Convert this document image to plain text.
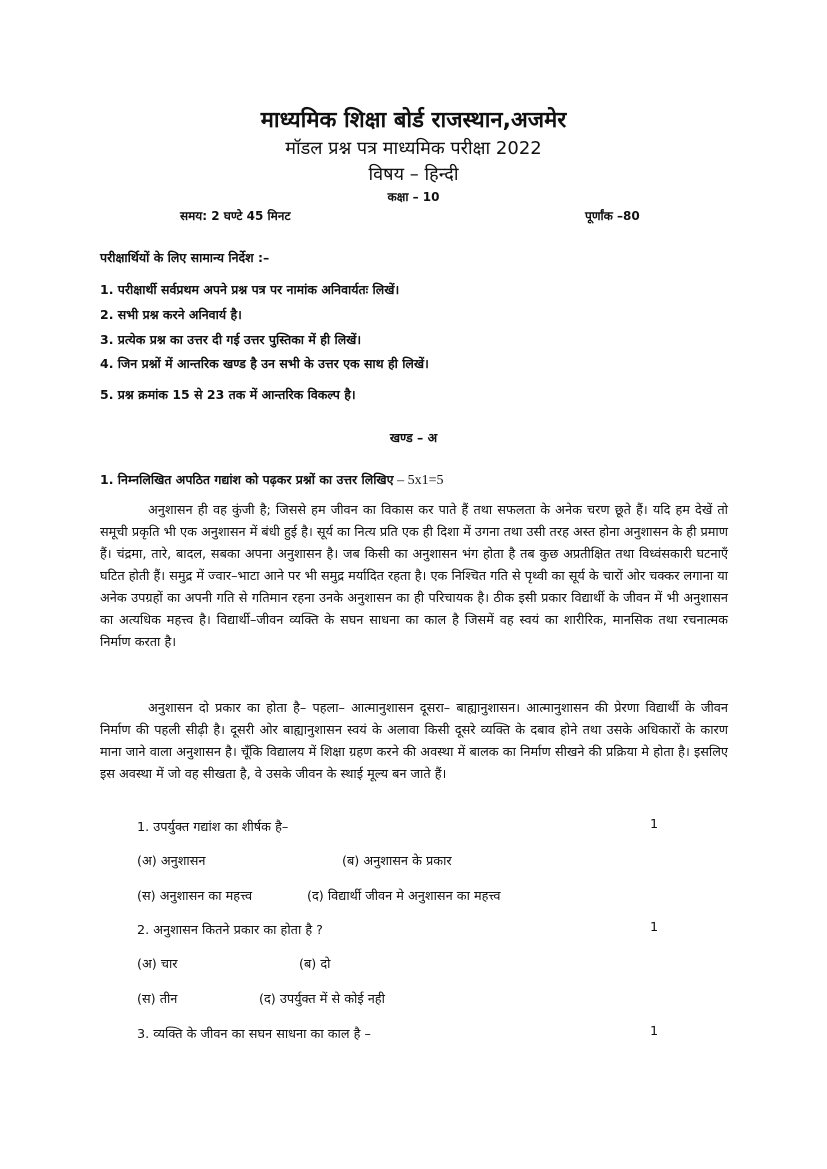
माध्यमिक शिक्षा बोर्ड राजस्थान,अजमेर
मॉडल प्रश्न पत्र माध्यमिक परीक्षा 2022
विषय – हिन्दी
कक्षा – 10
समय: 2 घण्टे 45 मिनट	पूर्णांक –80
परीक्षार्थियों के लिए सामान्य निर्देश :–
1. परीक्षार्थी सर्वप्रथम अपने प्रश्न पत्र पर नामांक अनिवार्यतः लिखें।
2. सभी प्रश्न करने अनिवार्य है।
3. प्रत्येक प्रश्न का उत्तर दी गई उत्तर पुस्तिका में ही लिखें।
4. जिन प्रश्नों में आन्तरिक खण्ड है उन सभी के उत्तर एक साथ ही लिखें।
5. प्रश्न क्रमांक 15 से 23 तक में आन्तरिक विकल्प है।
खण्ड – अ
1. निम्नलिखित अपठित गद्यांश को पढ़कर प्रश्नों का उत्तर लिखिए – 5x1=5
अनुशासन ही वह कुंजी है; जिससे हम जीवन का विकास कर पाते हैं तथा सफलता के अनेक चरण छूते हैं। यदि हम देखें तो समूची प्रकृति भी एक अनुशासन में बंधी हुई है। सूर्य का नित्य प्रति एक ही दिशा में उगना तथा उसी तरह अस्त होना अनुशासन के ही प्रमाण हैं। चंद्रमा, तारे, बादल, सबका अपना अनुशासन है। जब किसी का अनुशासन भंग होता है तब कुछ अप्रतीक्षित तथा विध्वंसकारी घटनाएँ घटित होती हैं। समुद्र में ज्वार–भाटा आने पर भी समुद्र मर्यादित रहता है। एक निश्चित गति से पृथ्वी का सूर्य के चारों ओर चक्कर लगाना या अनेक उपग्रहों का अपनी गति से गतिमान रहना उनके अनुशासन का ही परिचायक है। ठीक इसी प्रकार विद्यार्थी के जीवन में भी अनुशासन का अत्यधिक महत्त्व है। विद्यार्थी–जीवन व्यक्ति के सघन साधना का काल है जिसमें वह स्वयं का शारीरिक, मानसिक तथा रचनात्मक निर्माण करता है।
अनुशासन दो प्रकार का होता है– पहला– आत्मानुशासन दूसरा– बाह्यानुशासन। आत्मानुशासन की प्रेरणा विद्यार्थी के जीवन निर्माण की पहली सीढ़ी है। दूसरी ओर बाह्यानुशासन स्वयं के अलावा किसी दूसरे व्यक्ति के दबाव होने तथा उसके अधिकारों के कारण माना जाने वाला अनुशासन है। चूँकि विद्यालय में शिक्षा ग्रहण करने की अवस्था में बालक का निर्माण सीखने की प्रक्रिया मे होता है। इसलिए इस अवस्था में जो वह सीखता है, वे उसके जीवन के स्थाई मूल्य बन जाते हैं।
1. उपर्युक्त गद्यांश का शीर्षक है–	1
(अ) अनुशासन	(ब) अनुशासन के प्रकार
(स) अनुशासन का महत्त्व	(द) विद्यार्थी जीवन मे अनुशासन का महत्त्व
2. अनुशासन कितने प्रकार का होता है ?	1
(अ) चार	(ब) दो
(स) तीन	(द) उपर्युक्त में से कोई नही
3. व्यक्ति के जीवन का सघन साधना का काल है –	1
